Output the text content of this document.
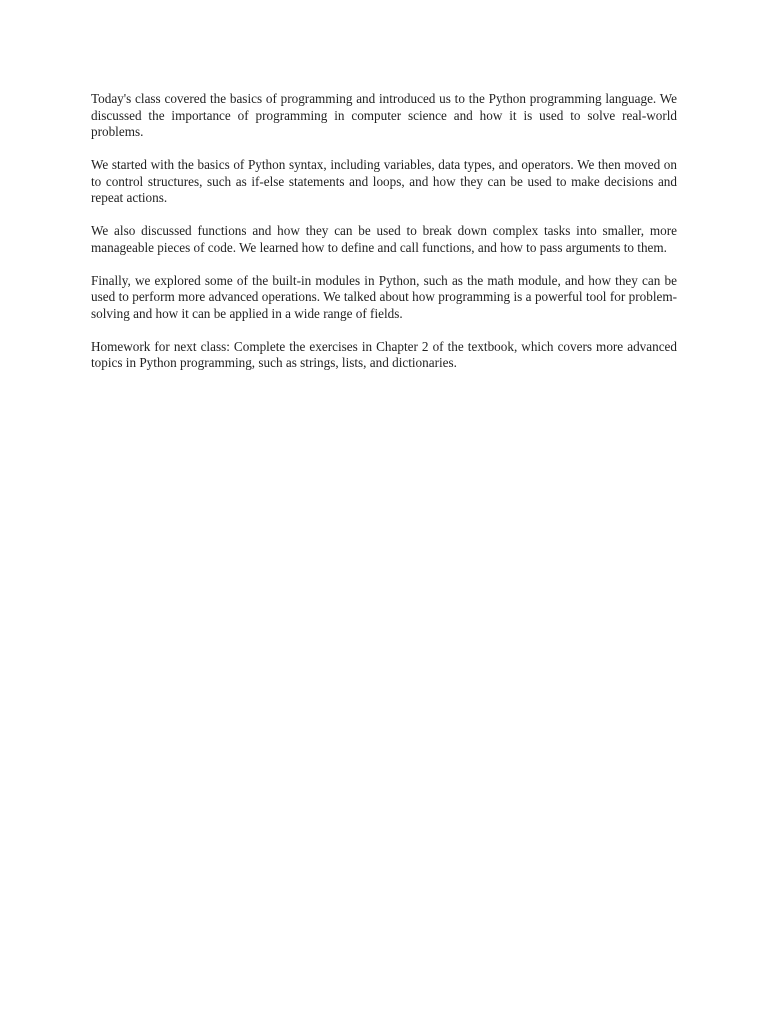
Today's class covered the basics of programming and introduced us to the Python programming language. We discussed the importance of programming in computer science and how it is used to solve real-world problems.

We started with the basics of Python syntax, including variables, data types, and operators. We then moved on to control structures, such as if-else statements and loops, and how they can be used to make decisions and repeat actions.

We also discussed functions and how they can be used to break down complex tasks into smaller, more manageable pieces of code. We learned how to define and call functions, and how to pass arguments to them.

Finally, we explored some of the built-in modules in Python, such as the math module, and how they can be used to perform more advanced operations. We talked about how programming is a powerful tool for problem-solving and how it can be applied in a wide range of fields.

Homework for next class: Complete the exercises in Chapter 2 of the textbook, which covers more advanced topics in Python programming, such as strings, lists, and dictionaries.
